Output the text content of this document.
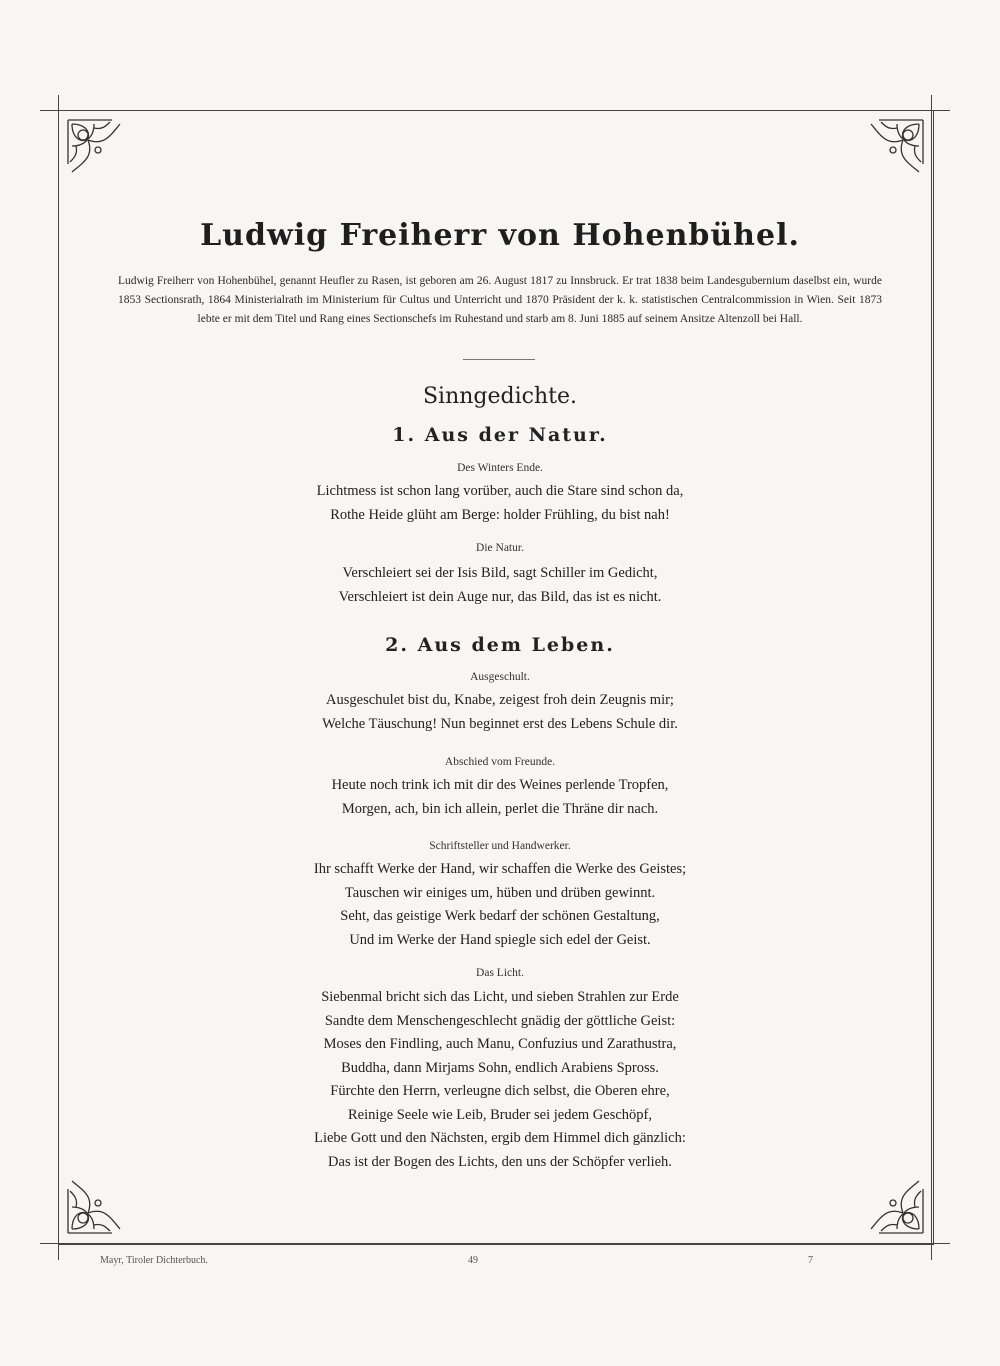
Ludwig Freiherr von Hohenbühel.
Ludwig Freiherr von Hohenbühel, genannt Heufler zu Rasen, ist geboren am 26. August 1817 zu Innsbruck. Er trat 1838 beim Landesgubernium daselbst ein, wurde 1853 Sectionsrath, 1864 Ministerialrath im Ministerium für Cultus und Unterricht und 1870 Präsident der k. k. statistischen Centralcommission in Wien. Seit 1873 lebte er mit dem Titel und Rang eines Sectionschefs im Ruhestand und starb am 8. Juni 1885 auf seinem Ansitze Altenzoll bei Hall.
Sinngedichte.
1. Aus der Natur.
Des Winters Ende.
Lichtmess ist schon lang vorüber, auch die Stare sind schon da,
Rothe Heide glüht am Berge: holder Frühling, du bist nah!
Die Natur.
Verschleiert sei der Isis Bild, sagt Schiller im Gedicht,
Verschleiert ist dein Auge nur, das Bild, das ist es nicht.
2. Aus dem Leben.
Ausgeschult.
Ausgeschulet bist du, Knabe, zeigest froh dein Zeugnis mir;
Welche Täuschung! Nun beginnet erst des Lebens Schule dir.
Abschied vom Freunde.
Heute noch trink ich mit dir des Weines perlende Tropfen,
Morgen, ach, bin ich allein, perlet die Thräne dir nach.
Schriftsteller und Handwerker.
Ihr schafft Werke der Hand, wir schaffen die Werke des Geistes;
Tauschen wir einiges um, hüben und drüben gewinnt.
Seht, das geistige Werk bedarf der schönen Gestaltung,
Und im Werke der Hand spiegle sich edel der Geist.
Das Licht.
Siebenmal bricht sich das Licht, und sieben Strahlen zur Erde
Sandte dem Menschengeschlecht gnädig der göttliche Geist:
Moses den Findling, auch Manu, Confuzius und Zarathustra,
Buddha, dann Mirjams Sohn, endlich Arabiens Spross.
Fürchte den Herrn, verleugne dich selbst, die Oberen ehre,
Reinige Seele wie Leib, Bruder sei jedem Geschöpf,
Liebe Gott und den Nächsten, ergib dem Himmel dich gänzlich:
Das ist der Bogen des Lichts, den uns der Schöpfer verlieh.
Mayr, Tiroler Dichterbuch.	49	7
